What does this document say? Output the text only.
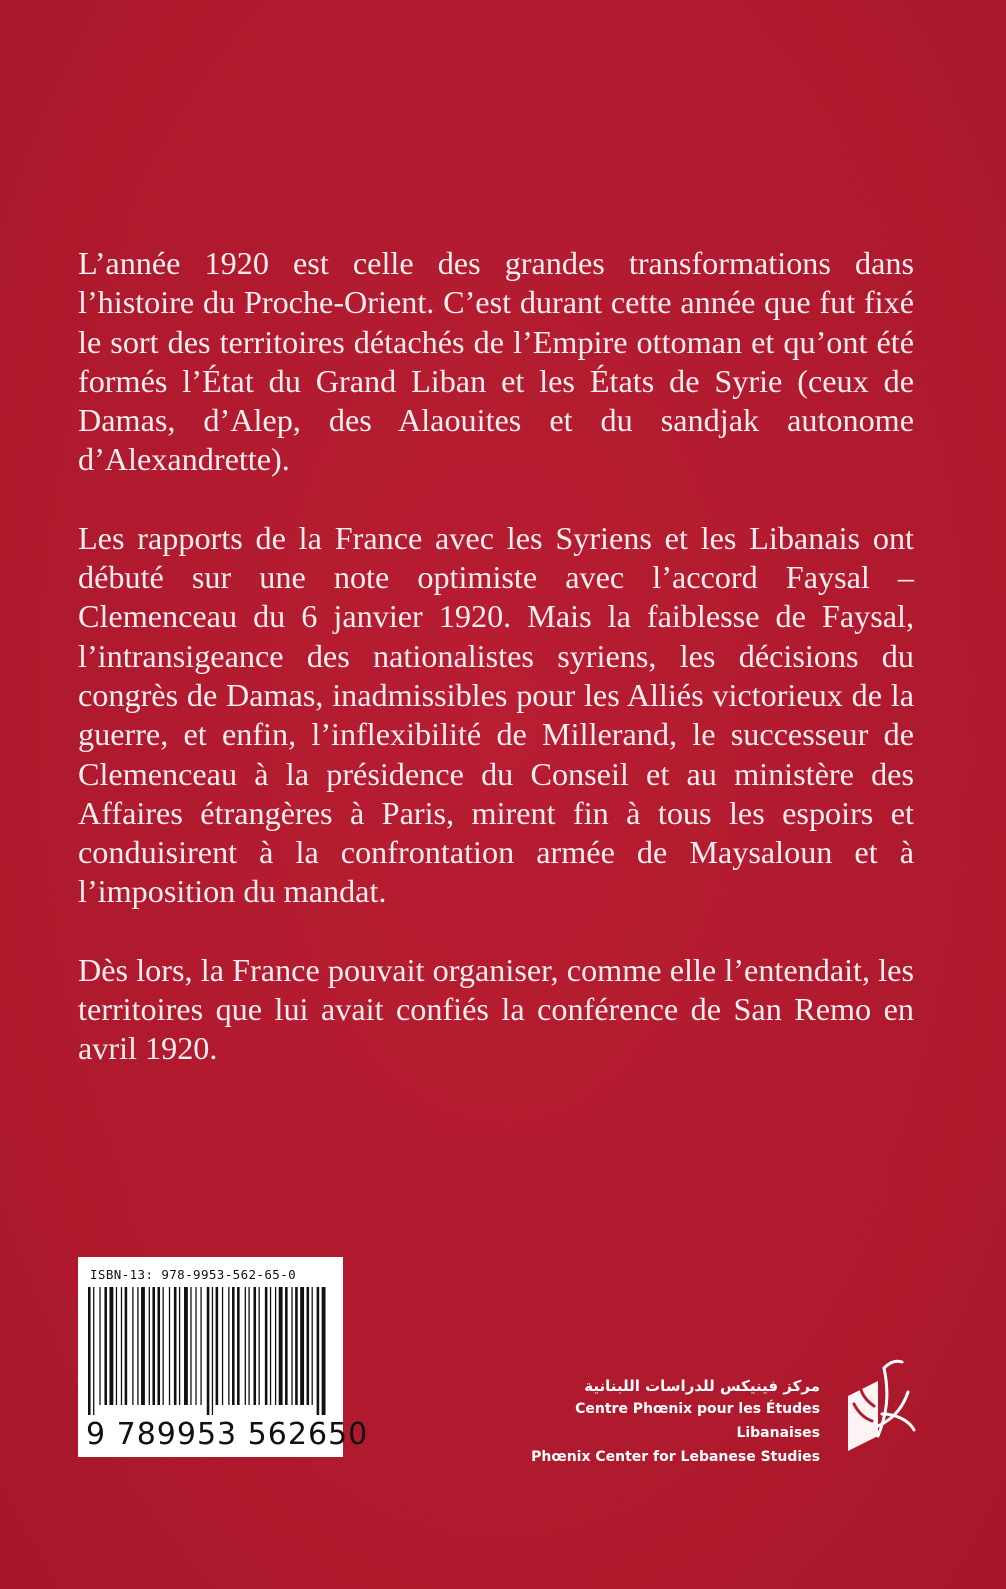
L’année 1920 est celle des grandes transformations dans l’histoire du Proche-Orient. C’est durant cette année que fut fixé le sort des territoires détachés de l’Empire ottoman et qu’ont été formés l’État du Grand Liban et les États de Syrie (ceux de Damas, d’Alep, des Alaouites et du sandjak autonome d’Alexandrette).

Les rapports de la France avec les Syriens et les Libanais ont débuté sur une note optimiste avec l’accord Faysal – Clemenceau du 6 janvier 1920. Mais la faiblesse de Faysal, l’intransigeance des nationalistes syriens, les décisions du congrès de Damas, inadmissibles pour les Alliés victorieux de la guerre, et enfin, l’inflexibilité de Millerand, le successeur de Clemenceau à la présidence du Conseil et au ministère des Affaires étrangères à Paris, mirent fin à tous les espoirs et conduisirent à la confrontation armée de Maysaloun et à l’imposition du mandat.

Dès lors, la France pouvait organiser, comme elle l’entendait, les territoires que lui avait confiés la conférence de San Remo en avril 1920.

ISBN-13: 978-9953-562-65-0
9 789953 562650
مركز فينيكس للدراسات اللبنانية
Centre Phœnix pour les Études Libanaises
Phœnix Center for Lebanese Studies
